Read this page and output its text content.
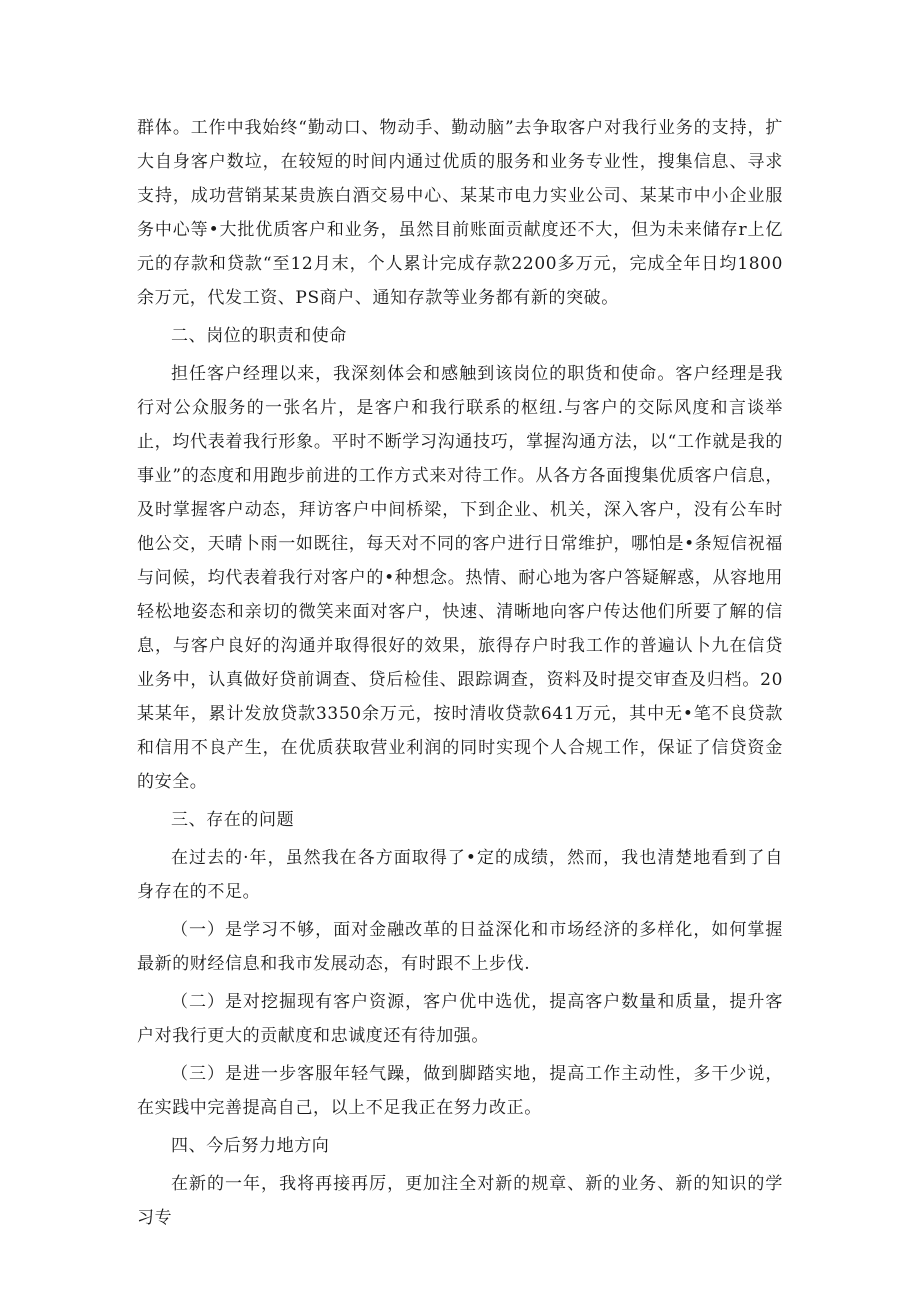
群体。工作中我始终“勤动口、物动手、勤动脑”去争取客户对我行业务的支持，扩大自身客户数垃，在较短的时间内通过优质的服务和业务专业性，搜集信息、寻求支持，成功营销某某贵族白酒交易中心、某某市电力实业公司、某某市中小企业服务中心等•大批优质客户和业务，虽然目前账面贡献度还不大，但为未来储存r上亿元的存款和贷款“至12月末，个人累计完成存款2200多万元，完成全年日均1800余万元，代发工资、PS商户、通知存款等业务都有新的突破。

二、岗位的职责和使命

担任客户经理以来，我深刻体会和感触到该岗位的职货和使命。客户经理是我行对公众服务的一张名片，是客户和我行联系的枢纽.与客户的交际风度和言谈举止，均代表着我行形象。平时不断学习沟通技巧，掌握沟通方法，以“工作就是我的事业”的态度和用跑步前进的工作方式来对待工作。从各方各面搜集优质客户信息，及时掌握客户动态，拜访客户中间桥梁，下到企业、机关，深入客户，没有公车时他公交，天晴卜雨一如既往，每天对不同的客户进行日常维护，哪怕是•条短信祝福与问候，均代表着我行对客户的•种想念。热情、耐心地为客户答疑解惑，从容地用轻松地姿态和亲切的微笑来面对客户，快速、清晰地向客户传达他们所要了解的信息，与客户良好的沟通并取得很好的效果，旅得存户时我工作的普遍认卜九在信贷业务中，认真做好贷前调查、贷后检佳、跟踪调查，资料及时提交审查及归档。20某某年，累计发放贷款3350余万元，按时清收贷款641万元，其中无•笔不良贷款和信用不良产生，在优质获取营业利润的同时实现个人合规工作，保证了信贷资金的安全。

三、存在的问题

在过去的·年，虽然我在各方面取得了•定的成绩，然而，我也清楚地看到了自身存在的不足。

（一）是学习不够，面对金融改革的日益深化和市场经济的多样化，如何掌握最新的财经信息和我市发展动态，有时跟不上步伐.

（二）是对挖掘现有客户资源，客户优中选优，提高客户数量和质量，提升客户对我行更大的贡献度和忠诚度还有待加强。

（三）是进一步客服年轻气躁，做到脚踏实地，提高工作主动性，多干少说，在实践中完善提高自己，以上不足我正在努力改正。

四、今后努力地方向

在新的一年，我将再接再厉，更加注全对新的规章、新的业务、新的知识的学习专
